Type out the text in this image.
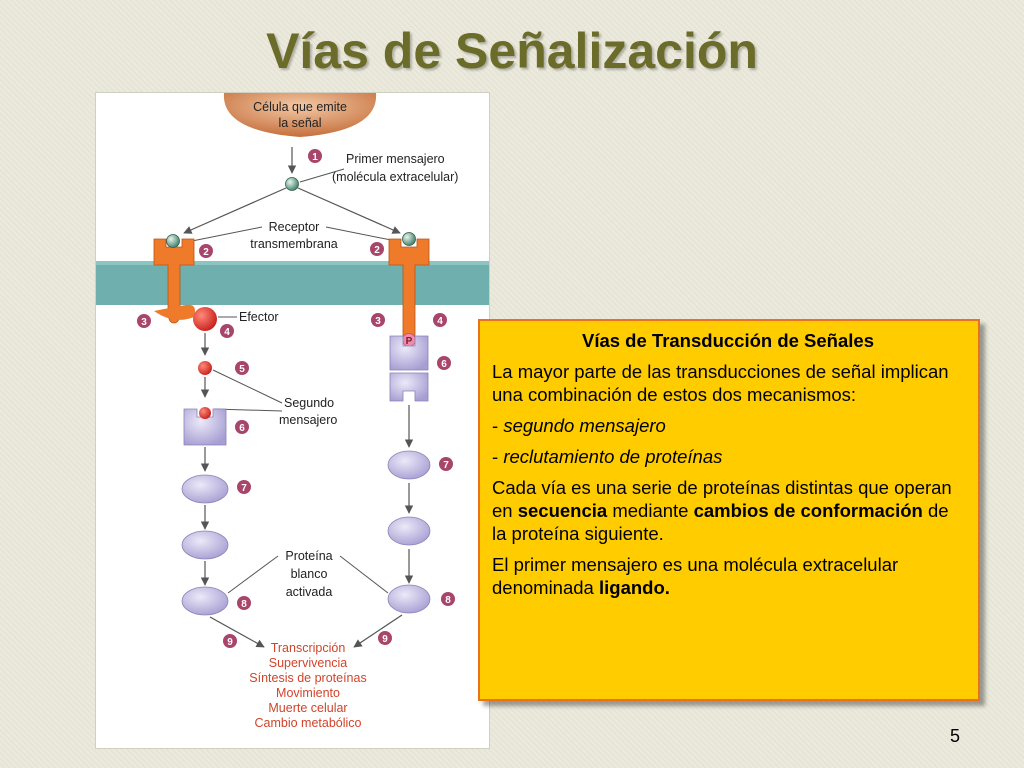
Vías de Señalización
Célula que emite
la señal
1 Primer mensajero
(molécula extracelular)
Receptor
transmembrana
2	2
Efector
3
4
3	4
P
6
5
Segundo
mensajero
6
7
8
7
8
Proteína
blanco
activada
9	9
Transcripción
Supervivencia
Síntesis de proteínas
Movimiento
Muerte celular
Cambio metabólico
Vías de Transducción de Señales

La mayor parte de las transducciones de señal implican una combinación de estos dos mecanismos:

- segundo mensajero

- reclutamiento de proteínas

Cada vía es una serie de proteínas distintas que operan en secuencia mediante cambios de conformación de la proteína siguiente.

El primer mensajero es una molécula extracelular denominada ligando.

5
